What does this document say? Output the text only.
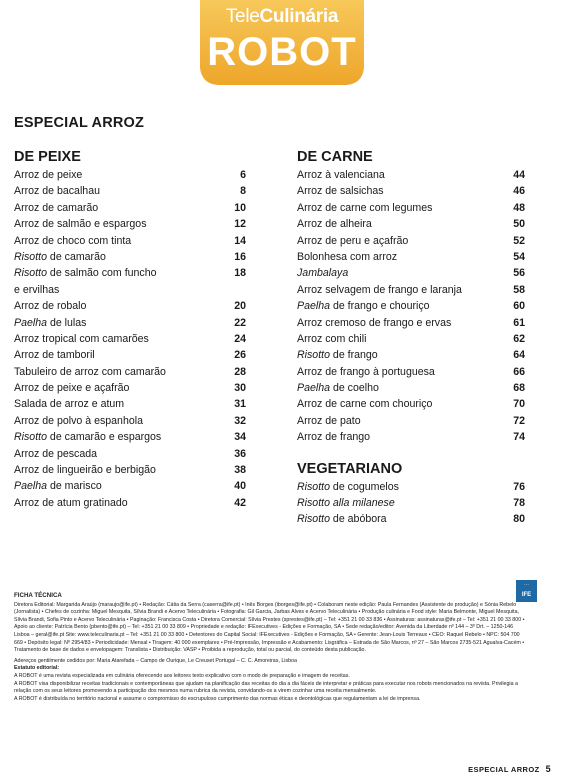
TeleCulinária
ROBOT
ESPECIAL ARROZ
DE PEIXE
Arroz de peixe	6
Arroz de bacalhau	8
Arroz de camarão	10
Arroz de salmão e espargos	12
Arroz de choco com tinta	14
Risotto de camarão	16
Risotto de salmão com funcho	18
e ervilhas
Arroz de robalo	20
Paelha de lulas	22
Arroz tropical com camarões	24
Arroz de tamboril	26
Tabuleiro de arroz com camarão	28
Arroz de peixe e açafrão	30
Salada de arroz e atum	31
Arroz de polvo à espanhola	32
Risotto de camarão e espargos	34
Arroz de pescada	36
Arroz de lingueirão e berbigão	38
Paelha de marisco	40
Arroz de atum gratinado	42
DE CARNE
Arroz à valenciana	44
Arroz de salsichas	46
Arroz de carne com legumes	48
Arroz de alheira	50
Arroz de peru e açafrão	52
Bolonhesa com arroz	54
Jambalaya	56
Arroz selvagem de frango e laranja	58
Paelha de frango e chouriço	60
Arroz cremoso de frango e ervas	61
Arroz com chili	62
Risotto de frango	64
Arroz de frango à portuguesa	66
Paelha de coelho	68
Arroz de carne com chouriço	70
Arroz de pato	72
Arroz de frango	74
VEGETARIANO
Risotto de cogumelos	76
Risotto alla milanese	78
Risotto de abóbora	80
∙∙∙
IFE

FICHA TÉCNICA

Diretora Editorial: Margarida Araújo (maraujo@ife.pt) • Redação: Cátia da Serra (caserra@ife.pt) • Inês Borges (iborges@ife.pt) • Colaboram neste edição: Paula Fernandes (Assistente de produção) e Sónia Rebelo (Jornalista) • Chefes de cozinha: Miguel Mesquita, Sílvia Brandi e Acervo Teleculinária • Fotografia: Gil Garcia, Jarbas Alves e Acervo Teleculinária • Produção culinária e Food style: Maria Belmonte, Miguel Mesquita, Sílvia Brandi, Sofia Pinto e Acervo Teleculinária • Paginação: Francisca Costa • Diretora Comercial: Sílvia Prestes (sprestes@ife.pt) – Tel: +351 21 00 33 836 • Assinaturas: assinaturas@ife.pt – Tel: +351 21 00 33 800 • Apoio ao cliente: Patrícia Bento (pbento@ife.pt) – Tel: +351 21 00 33 809 • Propriedade e redação: IFExecutives - Edições e Formação, SA • Sede redação/editor: Avenida da Liberdade nº 144 – 3º Drt. – 1250-146 Lisboa – geral@ife.pt Site: www.teleculinaria.pt – Tel: +351 21 00 33 800 • Detentores do Capital Social: IFExecutives - Edições e Formação, SA • Gerente: Jean-Louis Terreaux • CEO: Raquel Rebelo • NPC: 504 700 669 • Depósito legal: Nº 2954/83 • Periodicidade: Mensal • Tiragem: 40 000 exemplares • Pré-Impressão, Impressão e Acabamento: Lisgráfica – Estrada de São Marcos, nº 27 – São Marcos 2735-521 Agualva-Cacém • Tratamento de base de dados e envelopagem: Translista • Distribuição: VASP • Proibida a reprodução, total ou parcial, do conteúdo desta publicação.

Adereços gentilmente cedidos por: Maria Atarefada – Campo de Ourique, Le Creuset Portugal – C. C. Amoreiras, Lisboa

Estatuto editorial:

A ROBOT é uma revista especializada em culinária oferecendo aos leitores texto explicativo com o modo de preparação e imagem de receitas.

A ROBOT visa disponibilizar receitas tradicionais e contemporâneas que ajudam na planificação das receitas do dia a dia fáceis de interpretar e práticas para executar nos robots mencionados na revista. Privilegia a relação com os seus leitores promovendo a participação dos mesmos numa rubrica da revista, convidando-os a virem cozinhar uma receita mensalmente.

A ROBOT é distribuída no território nacional e assume o compromisso do escrupuloso cumprimento das normas éticas e deontológicas que regulamentam a lei de imprensa.

ESPECIAL ARROZ 5
